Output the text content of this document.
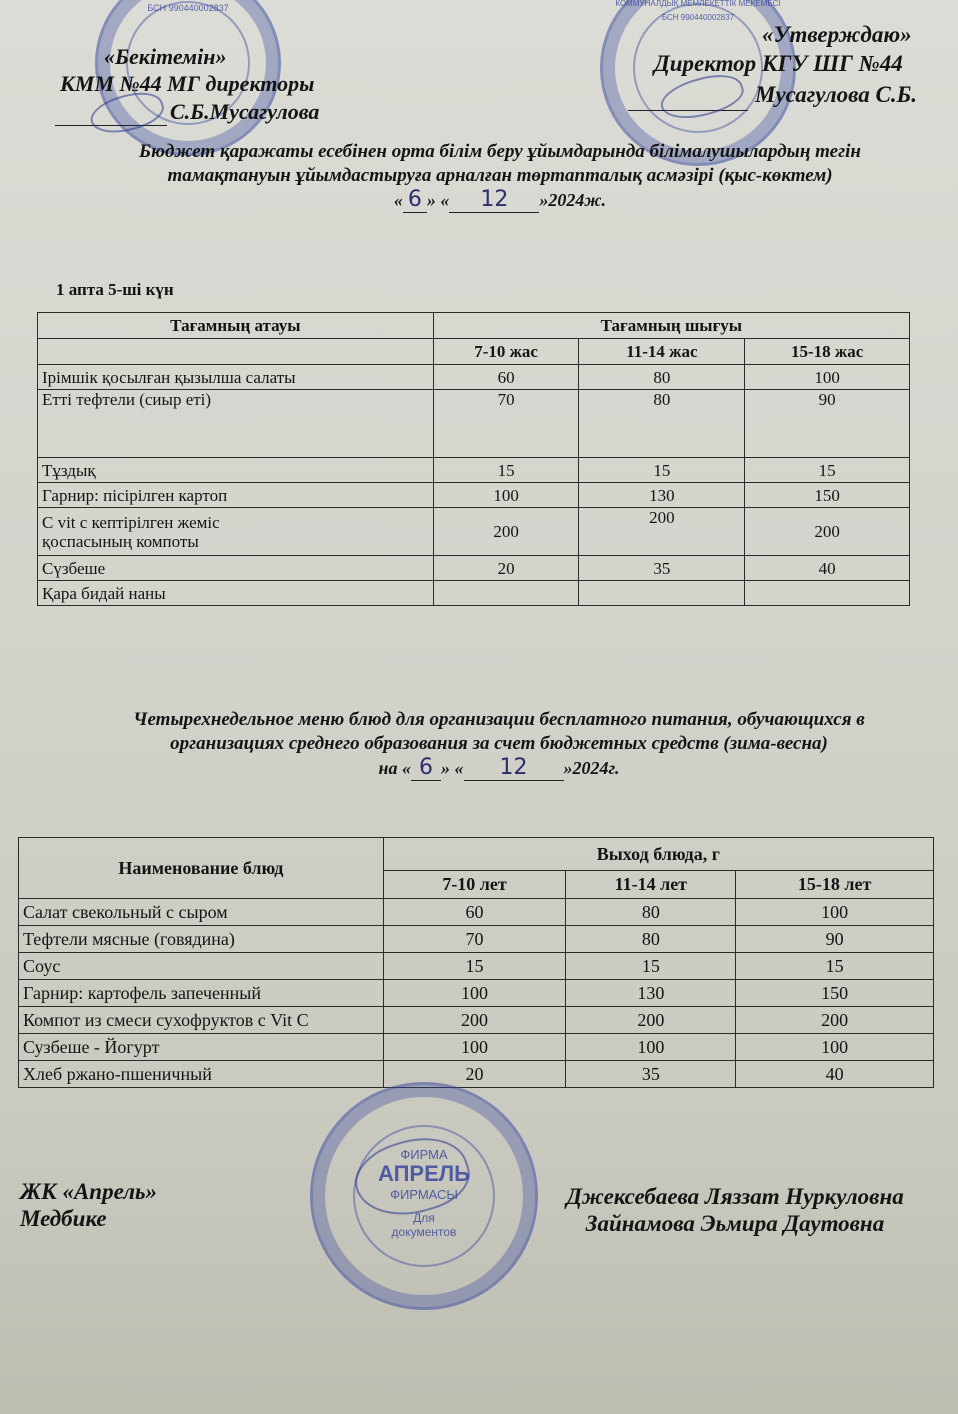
БСН 990440002837	КОММУНАЛДЫҚ МЕМЛЕКЕТТІК МЕКЕМЕСІ
БСН 990440002837
«Бекітемін»
КММ №44 МГ директоры
С.Б.Мусагулова
«Утверждаю»
Директор КГУ ШГ №44
Мусагулова С.Б.
Бюджет қаражаты есебінен орта білім беру ұйымдарында білімалушылардың тегін
тамақтануын ұйымдастыруға арналған төртапталық асмәзірі (қыс-көктем)
« 6 » « 12 »2024ж.
1 апта 5-ші күн
Тағамның атауы	Тағамның шығуы		
	7-10 жас	11-14 жас	15-18 жас
Ірімшік қосылған қызылша салаты	60	80	100
Етті тефтели (сиыр еті)	70	80	90
Тұздық	15	15	15
Гарнир: пісірілген картоп	100	130	150
C vit с кептірілген жеміс қоспасының компоты	200	200	200
Сүзбеше	20	35	40
Қара бидай наны			
Четырехнедельное меню блюд для организации бесплатного питания, обучающихся в
организациях среднего образования за счет бюджетных средств (зима-весна)
на « 6 » « 12 »2024г.
Наименование блюд	Выход блюда, г		
	7-10 лет	11-14 лет	15-18 лет
Салат свекольный с сыром	60	80	100
Тефтели мясные (говядина)	70	80	90
Соус	15	15	15
Гарнир: картофель запеченный	100	130	150
Компот из смеси сухофруктов с Vit C	200	200	200
Сузбеше - Йогурт	100	100	100
Хлеб ржано-пшеничный	20	35	40
ФИРМА
АПРЕЛЬ
ФИРМАСЫ
Для
документов
ЖК «Апрель»
Медбике
Джексебаева Ляззат Нуркуловна
Зайнамова Эьмира Даутовна
